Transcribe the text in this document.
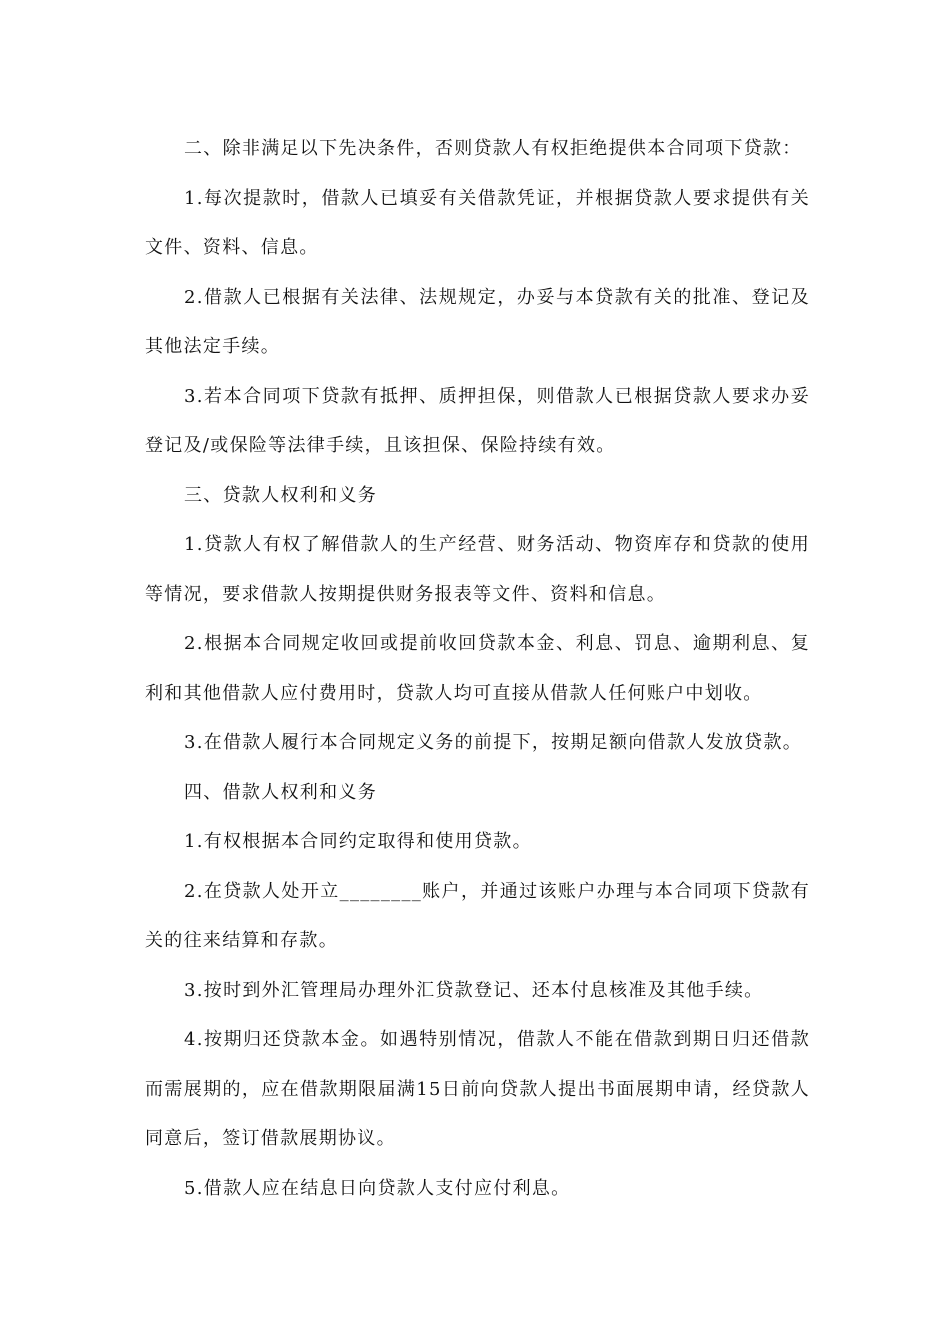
二、除非满足以下先决条件，否则贷款人有权拒绝提供本合同项下贷款：

1.每次提款时，借款人已填妥有关借款凭证，并根据贷款人要求提供有关文件、资料、信息。

2.借款人已根据有关法律、法规规定，办妥与本贷款有关的批准、登记及其他法定手续。

3.若本合同项下贷款有抵押、质押担保，则借款人已根据贷款人要求办妥登记及/或保险等法律手续，且该担保、保险持续有效。

三、贷款人权利和义务

1.贷款人有权了解借款人的生产经营、财务活动、物资库存和贷款的使用等情况，要求借款人按期提供财务报表等文件、资料和信息。

2.根据本合同规定收回或提前收回贷款本金、利息、罚息、逾期利息、复利和其他借款人应付费用时，贷款人均可直接从借款人任何账户中划收。

3.在借款人履行本合同规定义务的前提下，按期足额向借款人发放贷款。

四、借款人权利和义务

1.有权根据本合同约定取得和使用贷款。

2.在贷款人处开立________账户，并通过该账户办理与本合同项下贷款有关的往来结算和存款。

3.按时到外汇管理局办理外汇贷款登记、还本付息核准及其他手续。

4.按期归还贷款本金。如遇特别情况，借款人不能在借款到期日归还借款而需展期的，应在借款期限届满15日前向贷款人提出书面展期申请，经贷款人同意后，签订借款展期协议。

5.借款人应在结息日向贷款人支付应付利息。
